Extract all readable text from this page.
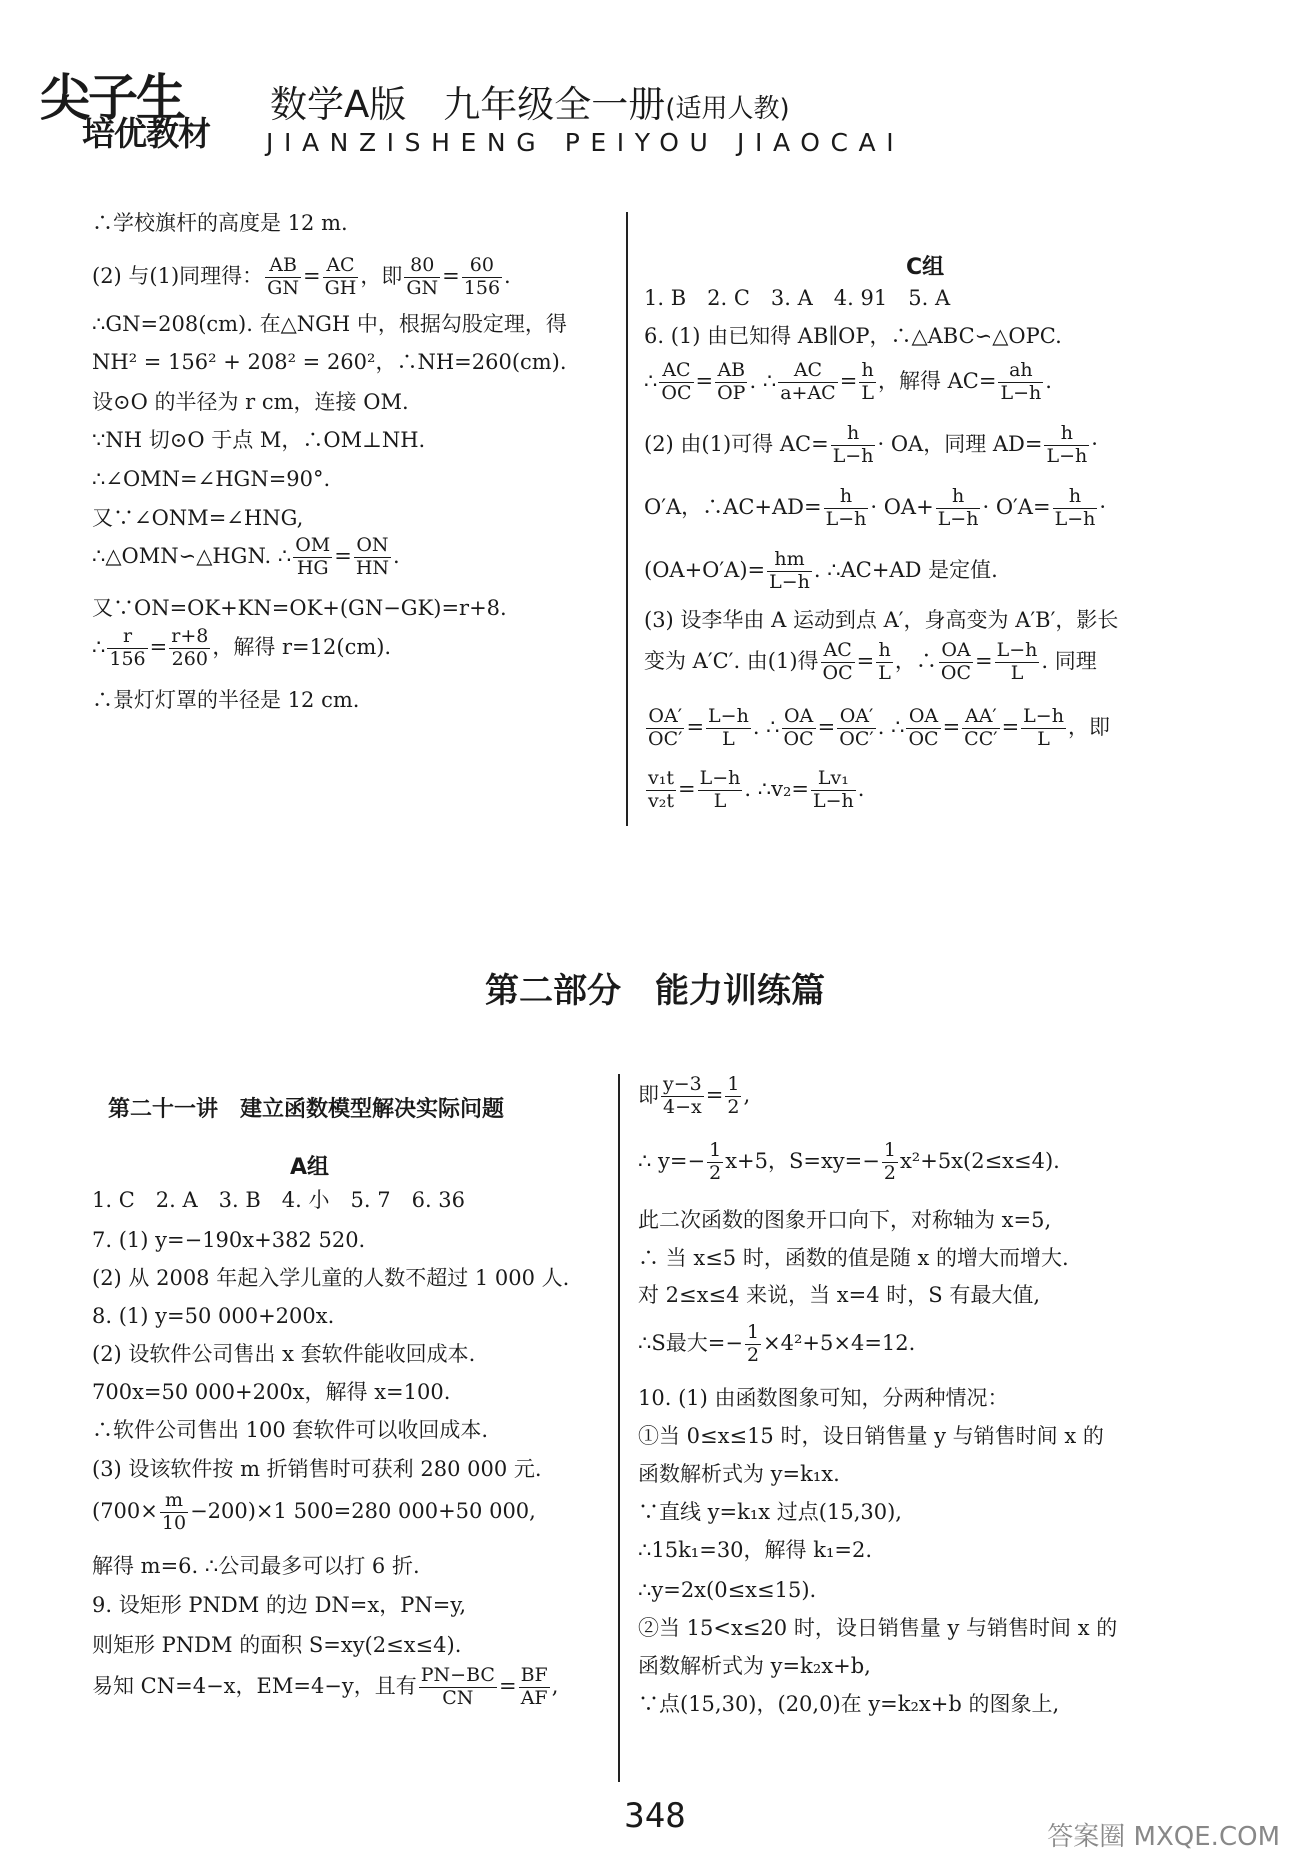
尖子生
培优教材
数学A版　九年级全一册(适用人教)
JIANZISHENG PEIYOU JIAOCAI
∴学校旗杆的高度是 12 m.
(2) 与(1)同理得： $\frac{AB}{GN} = \frac{AC}{GH}$ ，即 $\frac{80}{GN} = \frac{60}{156}$ .
∴GN=208(cm). 在△NGH 中，根据勾股定理，得
NH² = 156² + 208² = 260²，∴NH=260(cm).
设⊙O 的半径为 r cm，连接 OM.
∵NH 切⊙O 于点 M，∴OM⊥NH.
∴∠OMN=∠HGN=90°.
又∵∠ONM=∠HNG,
∴△OMN∽△HGN. ∴ $\frac{OM}{HG} = \frac{ON}{HN}$ .
又∵ON=OK+KN=OK+(GN−GK)=r+8.
∴ $\frac{r}{156} = \frac{r+8}{260}$ ，解得 r=12(cm).
∴景灯灯罩的半径是 12 cm.
C组
1. B　2. C　3. A　4. 91　5. A
6. (1) 由已知得 AB∥OP，∴△ABC∽△OPC.
∴ $\frac{AC}{OC} = \frac{AB}{OP}$ . ∴ $\frac{AC}{a+AC} = \frac{h}{L}$ ，解得 $AC= \frac{ah}{L-h}$ .
(2) 由(1)可得 $AC= \frac{h}{L-h}$ · OA，同理 $AD= \frac{h}{L-h}$ ·
O′A，∴AC+AD= $\frac{h}{L-h} \cdot OA+ \frac{h}{L-h} \cdot O'A= \frac{h}{L-h}$ ·
$(OA+O'A)= \frac{hm}{L-h}$ . ∴AC+AD 是定值.
(3) 设李华由 A 运动到点 A′，身高变为 A′B′，影长
变为 A′C′. 由(1)得 $\frac{AC}{OC} = \frac{h}{L}$ ，∴ $\frac{OA}{OC} = \frac{L-h}{L}$ . 同理
$\frac{OA'}{OC'} = \frac{L-h}{L}$ . ∴ $\frac{OA}{OC} = \frac{OA'}{OC'}$ . ∴ $\frac{OA}{OC} = \frac{AA'}{CC'} = \frac{L-h}{L}$ ，即
$\frac{\text{v₁t}}{\text{v₂t}} = \frac{L-h}{L}$ . ∴v₂= $\frac{\text{Lv₁}}{L-h}$ .
第二部分　能力训练篇
第二十一讲　建立函数模型解决实际问题
A组
1. C　2. A　3. B　4. 小　5. 7　6. 36
7. (1) y=−190x+382 520.
(2) 从 2008 年起入学儿童的人数不超过 1 000 人.
8. (1) y=50 000+200x.
(2) 设软件公司售出 x 套软件能收回成本.
700x=50 000+200x，解得 x=100.
∴软件公司售出 100 套软件可以收回成本.
(3) 设该软件按 m 折销售时可获利 280 000 元.
$(700\times \frac{m}{10} -200)\times 1$ 500=280 000+50 000,
解得 m=6. ∴公司最多可以打 6 折.
9. 设矩形 PNDM 的边 DN=x，PN=y,
则矩形 PNDM 的面积 S=xy(2≤x≤4).
易知 CN=4−x，EM=4−y，且有 $\frac{PN-BC}{CN} = \frac{BF}{AF}$ ,
即 $\frac{y-3}{4-x} = \frac{1}{2}$ ,
∴ $y=- \frac{1}{2} x+5$，$S=xy=- \frac{1}{2} x^2+5x(2\le x\le 4)$.
此二次函数的图象开口向下，对称轴为 x=5,
∴ 当 x≤5 时，函数的值是随 x 的增大而增大.
对 2≤x≤4 来说，当 x=4 时，S 有最大值,
∴S最大=− $\frac{1}{2} \times 4^2+5\times 4=12$.
10. (1) 由函数图象可知，分两种情况：
①当 0≤x≤15 时，设日销售量 y 与销售时间 x 的
函数解析式为 y=k₁x.
∵直线 y=k₁x 过点(15,30),
∴15k₁=30，解得 k₁=2.
∴y=2x(0≤x≤15).
②当 15<x≤20 时，设日销售量 y 与销售时间 x 的
函数解析式为 y=k₂x+b,
∵点(15,30)，(20,0)在 y=k₂x+b 的图象上,
348
答案圈 MXQE.COM
